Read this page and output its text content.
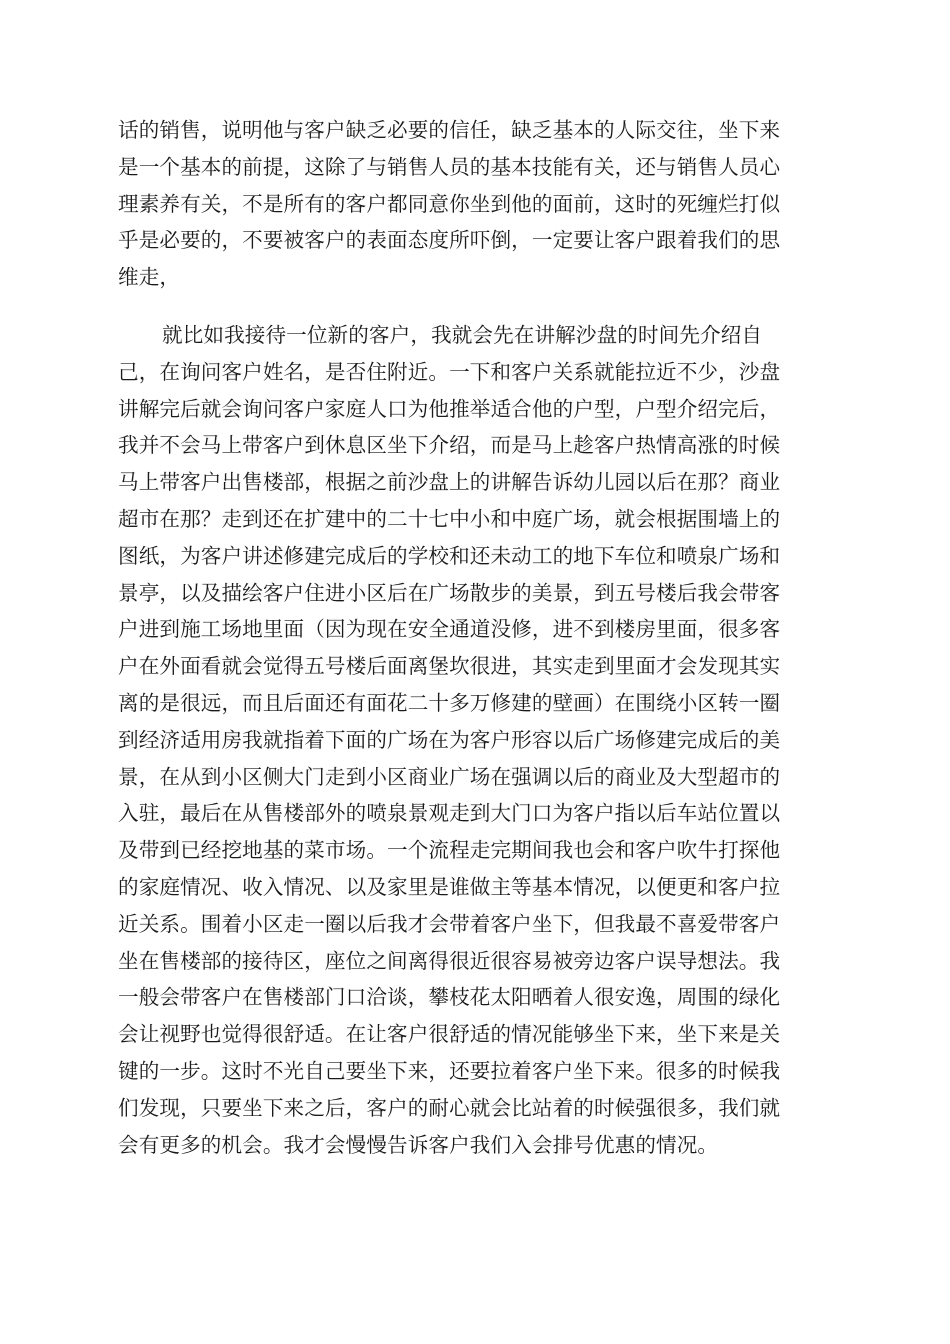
话的销售，说明他与客户缺乏必要的信任，缺乏基本的人际交往，坐下来
是一个基本的前提，这除了与销售人员的基本技能有关，还与销售人员心
理素养有关，不是所有的客户都同意你坐到他的面前，这时的死缠烂打似
乎是必要的，不要被客户的表面态度所吓倒，一定要让客户跟着我们的思
维走，
就比如我接待一位新的客户，我就会先在讲解沙盘的时间先介绍自
己，在询问客户姓名，是否住附近。一下和客户关系就能拉近不少，沙盘
讲解完后就会询问客户家庭人口为他推举适合他的户型，户型介绍完后，
我并不会马上带客户到休息区坐下介绍，而是马上趁客户热情高涨的时候
马上带客户出售楼部，根据之前沙盘上的讲解告诉幼儿园以后在那？商业
超市在那？走到还在扩建中的二十七中小和中庭广场，就会根据围墙上的
图纸，为客户讲述修建完成后的学校和还未动工的地下车位和喷泉广场和
景亭，以及描绘客户住进小区后在广场散步的美景，到五号楼后我会带客
户进到施工场地里面（因为现在安全通道没修，进不到楼房里面，很多客
户在外面看就会觉得五号楼后面离堡坎很进，其实走到里面才会发现其实
离的是很远，而且后面还有面花二十多万修建的壁画）在围绕小区转一圈
到经济适用房我就指着下面的广场在为客户形容以后广场修建完成后的美
景，在从到小区侧大门走到小区商业广场在强调以后的商业及大型超市的
入驻，最后在从售楼部外的喷泉景观走到大门口为客户指以后车站位置以
及带到已经挖地基的菜市场。一个流程走完期间我也会和客户吹牛打探他
的家庭情况、收入情况、以及家里是谁做主等基本情况，以便更和客户拉
近关系。围着小区走一圈以后我才会带着客户坐下，但我最不喜爱带客户
坐在售楼部的接待区，座位之间离得很近很容易被旁边客户误导想法。我
一般会带客户在售楼部门口洽谈，攀枝花太阳晒着人很安逸，周围的绿化
会让视野也觉得很舒适。在让客户很舒适的情况能够坐下来，坐下来是关
键的一步。这时不光自己要坐下来，还要拉着客户坐下来。很多的时候我
们发现，只要坐下来之后，客户的耐心就会比站着的时候强很多，我们就
会有更多的机会。我才会慢慢告诉客户我们入会排号优惠的情况。
